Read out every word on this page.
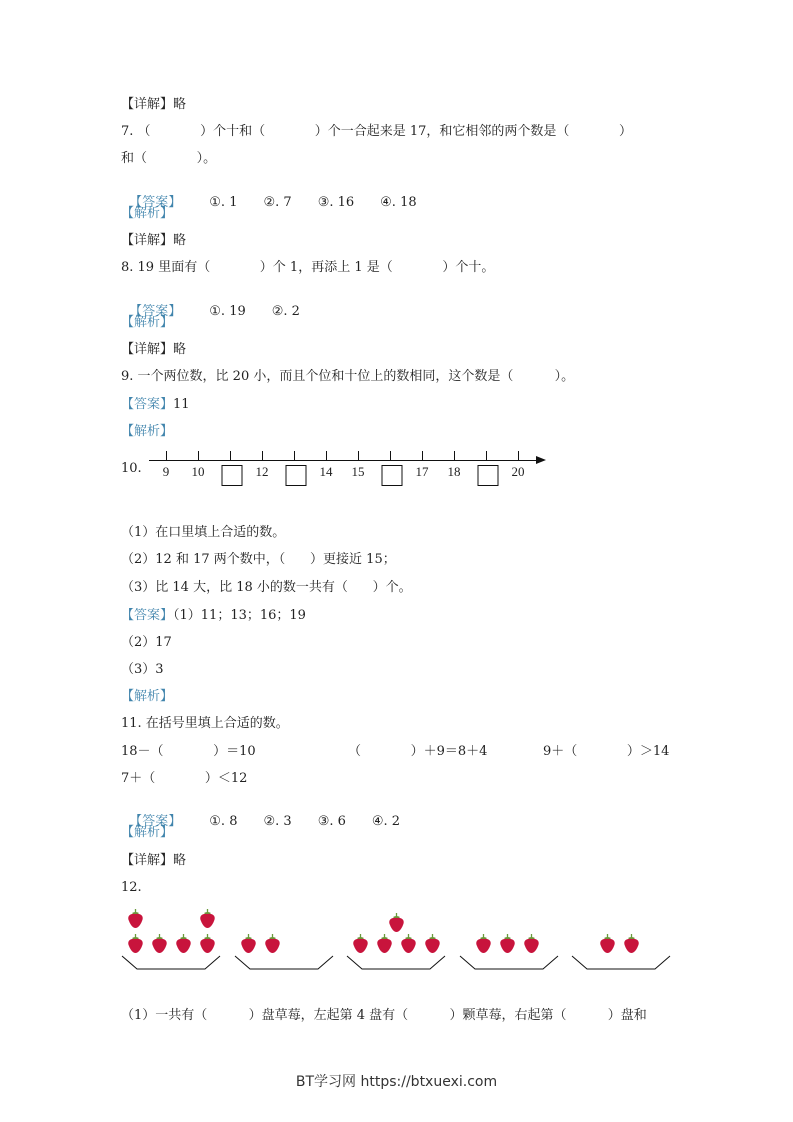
【详解】略
7. （            ）个十和（            ）个一合起来是 17，和它相邻的两个数是（            ）
和（            ）。

【答案】 ①. 1 ②. 7 ③. 16 ④. 18

【解析】
【详解】略
8. 19 里面有（            ）个 1，再添上 1 是（            ）个十。

【答案】 ①. 19 ②. 2

【解析】
【详解】略
9. 一个两位数，比 20 小，而且个位和十位上的数相同，这个数是（          ）。
【答案】11
【解析】
10. 9 10	12	14 15	17 18	20
（1）在口里填上合适的数。
（2）12 和 17 两个数中，（      ）更接近 15；
（3）比 14 大，比 18 小的数一共有（      ）个。
【答案】（1）11；13；16；19
（2）17
（3）3
【解析】
11. 在括号里填上合适的数。
18－（            ）＝10	（            ）＋9＝8＋4	9＋（            ）＞14
7＋（            ）＜12

【答案】 ①. 8 ②. 3 ③. 6 ④. 2

【解析】
【详解】略
12.
（1）一共有（          ）盘草莓，左起第 4 盘有（          ）颗草莓，右起第（          ）盘和
BT学习网 https://btxuexi.com
